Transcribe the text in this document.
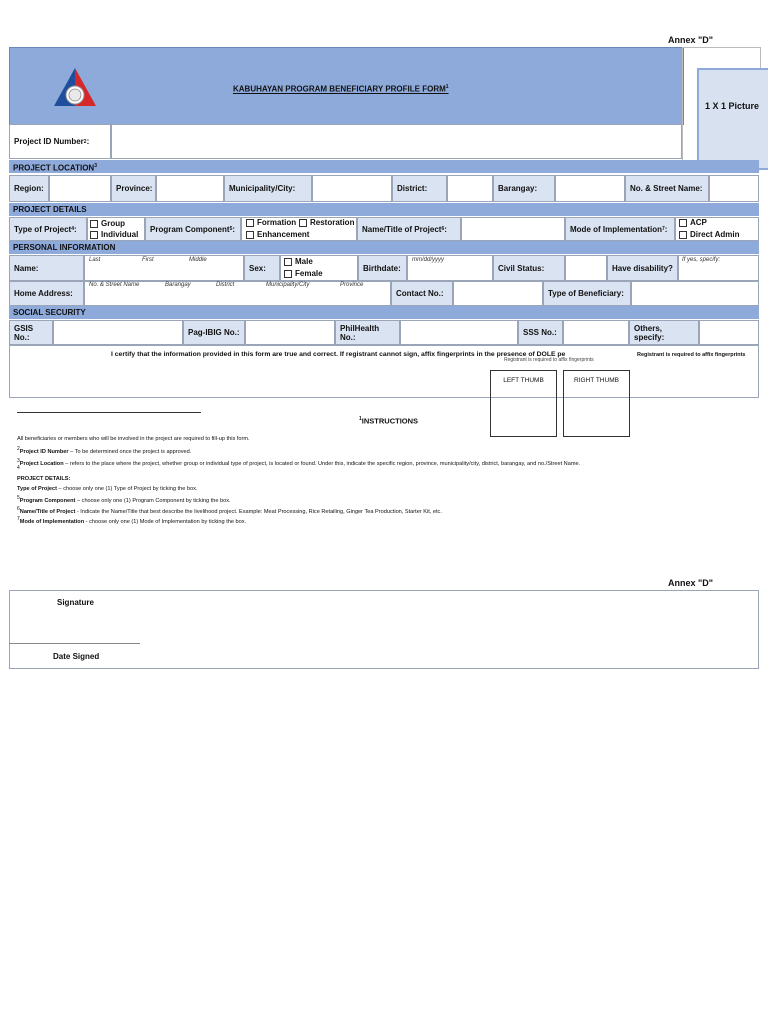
Annex "D"
KABUHAYAN PROGRAM BENEFICIARY PROFILE FORM$^1$
1 X 1 Picture
Project ID Number 2 :
PROJECT LOCATION$^3$
Region:	Province:	Municipality/City:	District:	Barangay:	No. & Street Name:
PROJECT DETAILS
Type of Project 4 :
Group
Individual
Program Component 5 :
Formation	Restoration
Enhancement
Name/Title of Project 6 :	Mode of Implementation 7 :
ACP
Direct Admin
PERSONAL INFORMATION
Name:
Last	First	Middle
Sex:
Male
Female
Birthdate:
mm/dd/yyyy
Civil Status:	Have disability?
If yes, specify:
Home Address:
No. & Street Name	Barangay	District	Municipality/City	Province
Contact No.:	Type of Beneficiary:
SOCIAL SECURITY
GSIS No.:	Pag-IBIG No.:	PhilHealth
No.:	SSS No.:	Others, specify:
I certify that the information provided in this form are true and correct. If registrant cannot sign, affix fingerprints in the presence of DOLE pe	Registrant is required to affix fingerprints
Registrant is required to affix fingerprints
LEFT THUMB	RIGHT THUMB
$^1$INSTRUCTIONS
All beneficiaries or members who will be involved in the project are required to fill-up this form.
$^2$Project ID Number – To be determined once the project is approved.
$^3$Project Location – refers to the place where the project, whether group or individual type of project, is located or found. Under this, indicate the specific region, province, municipality/city, district, barangay, and no./Street Name.
$^4$
PROJECT DETAILS:
Type of Project – choose only one (1) Type of Project by ticking the box.
$^5$Program Component – choose only one (1) Program Component by ticking the box.
$^6$Name/Title of Project - Indicate the Name/Title that best describe the livelihood project. Example: Meat Processing, Rice Retailing, Ginger Tea Production, Starter Kit, etc.
$^7$Mode of Implementation - choose only one (1) Mode of Implementation by ticking the box.
Annex "D"
Signature
Date Signed
